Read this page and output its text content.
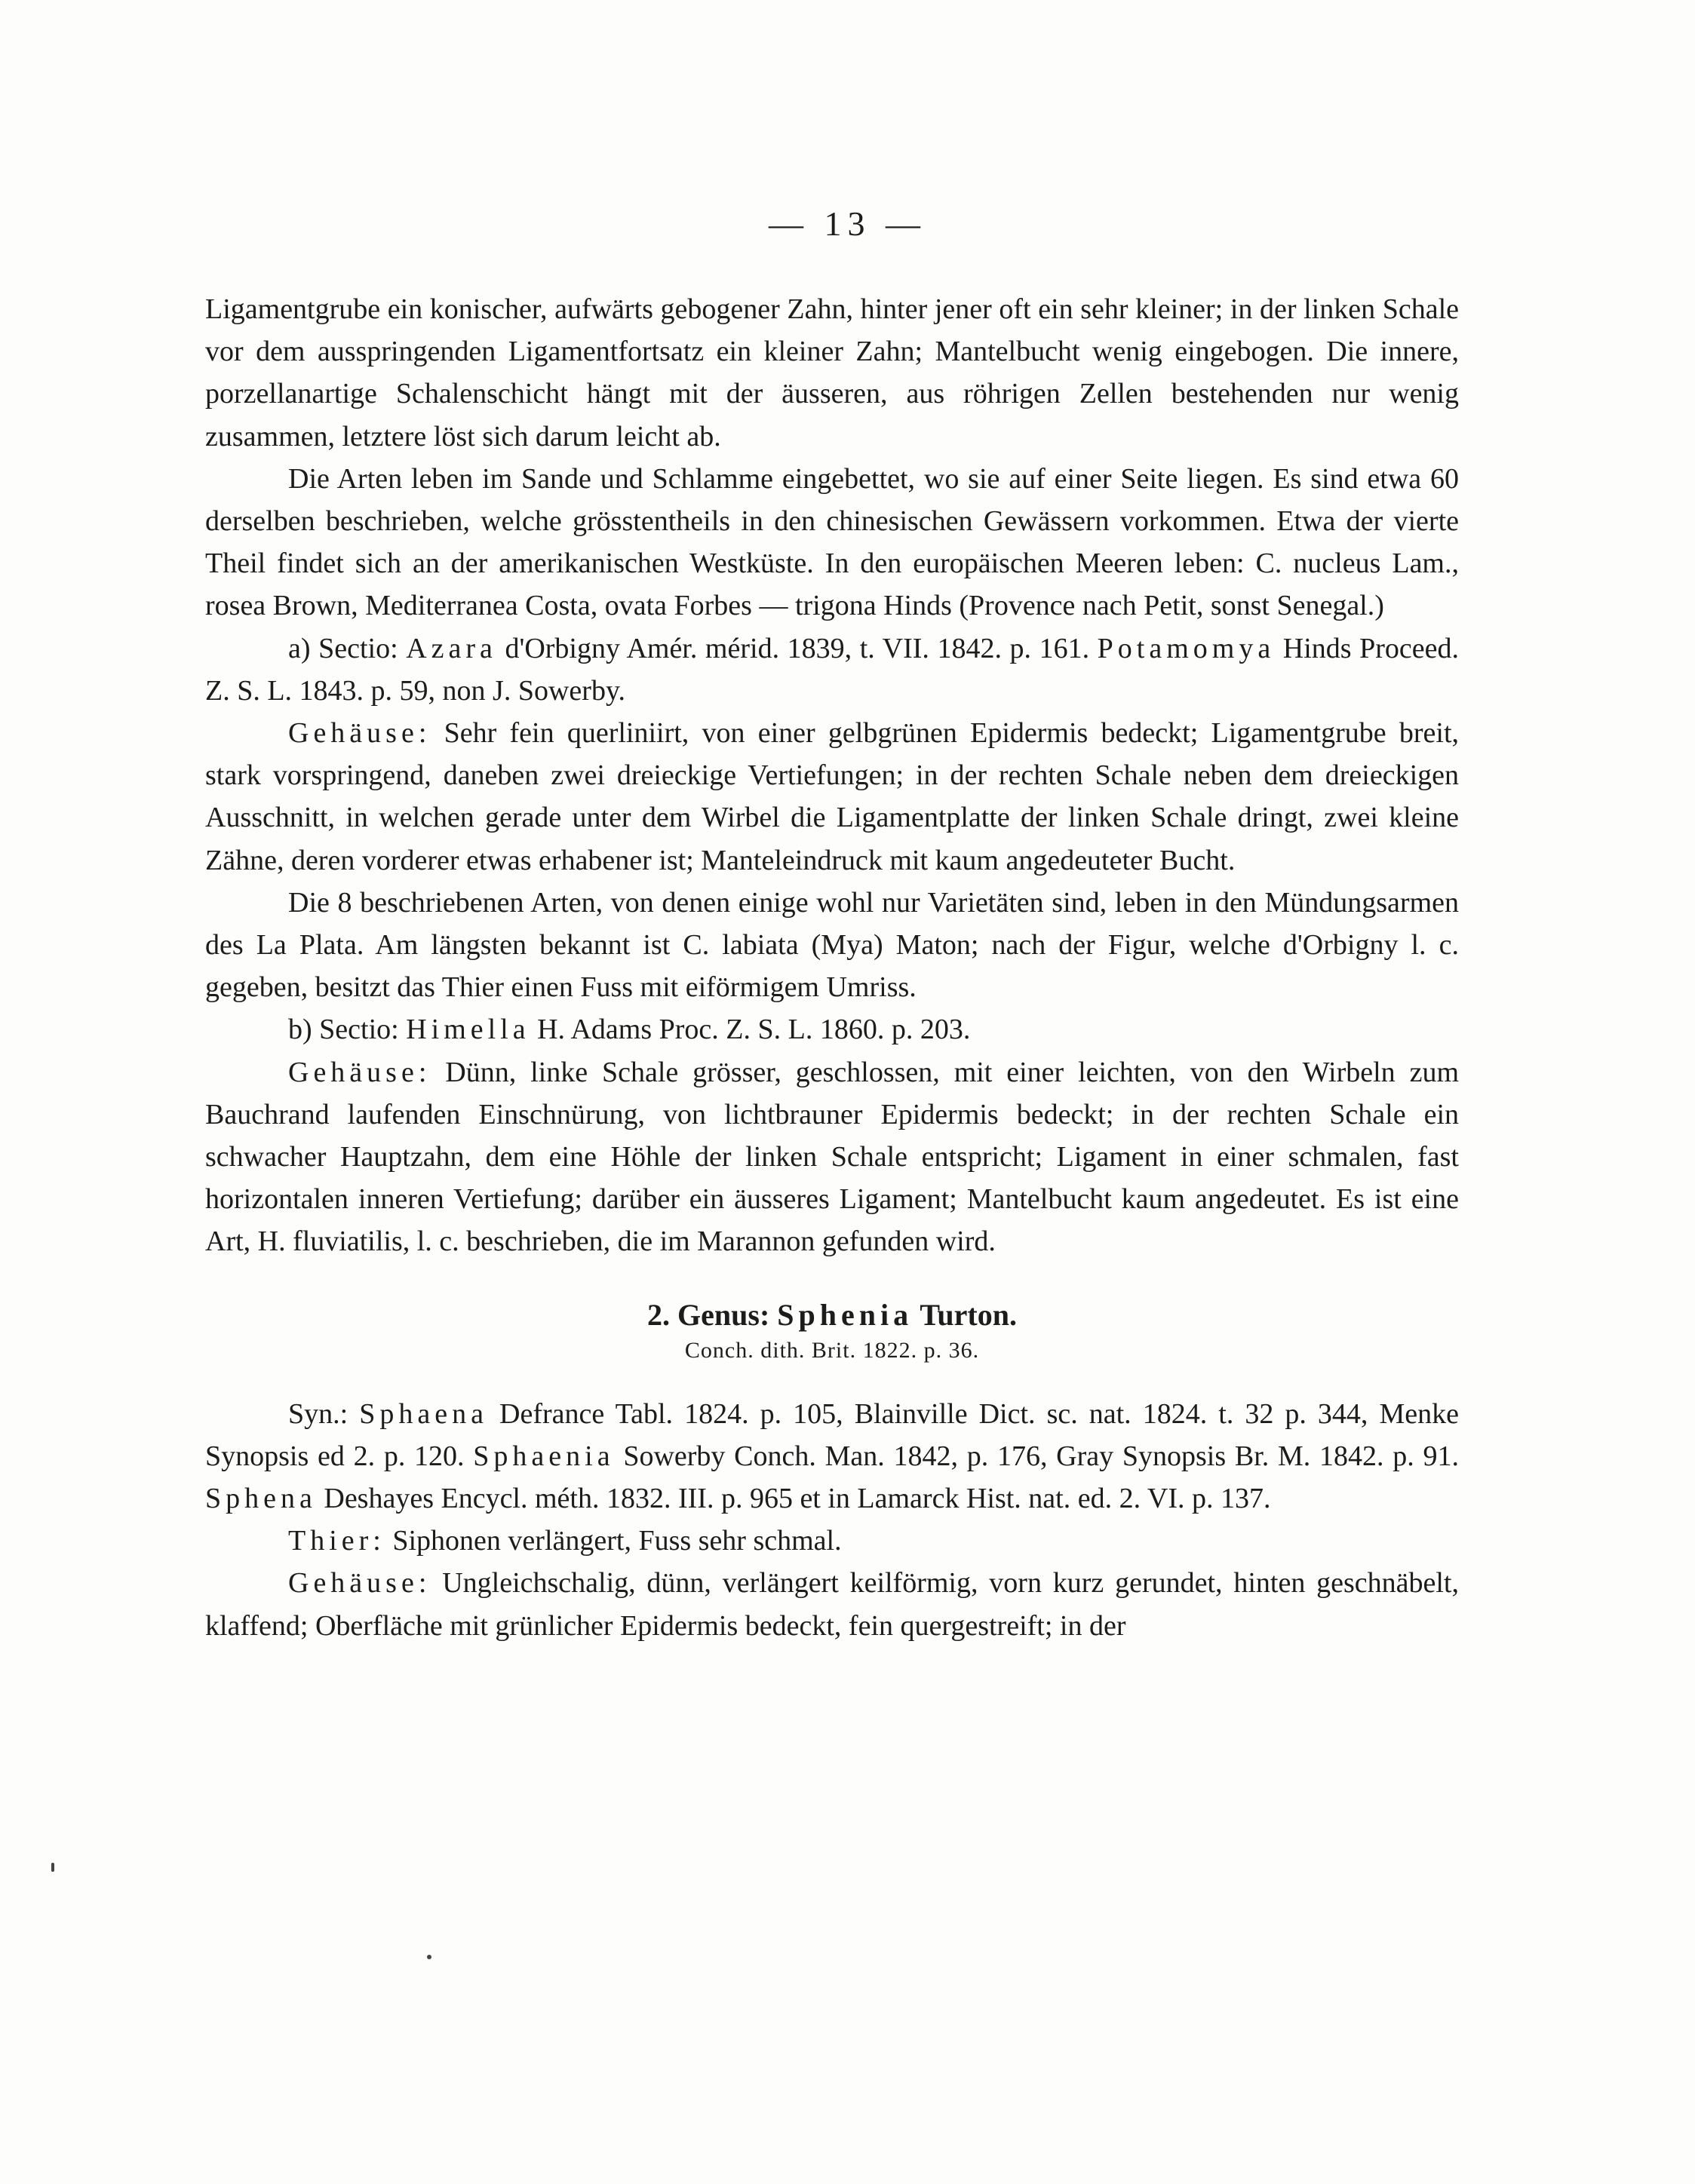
— 13 —

Ligamentgrube ein konischer, aufwärts gebogener Zahn, hinter jener oft ein sehr kleiner; in der linken Schale vor dem ausspringenden Ligamentfortsatz ein kleiner Zahn; Mantelbucht wenig eingebogen. Die innere, porzellanartige Schalenschicht hängt mit der äusseren, aus röhrigen Zellen bestehenden nur wenig zusammen, letztere löst sich darum leicht ab.

Die Arten leben im Sande und Schlamme eingebettet, wo sie auf einer Seite liegen. Es sind etwa 60 derselben beschrieben, welche grösstentheils in den chinesischen Gewässern vorkommen. Etwa der vierte Theil findet sich an der amerikanischen Westküste. In den europäischen Meeren leben: C. nucleus Lam., rosea Brown, Mediterranea Costa, ovata Forbes — trigona Hinds (Provence nach Petit, sonst Senegal.)

a) Sectio: Azara d'Orbigny Amér. mérid. 1839, t. VII. 1842. p. 161. Potamomya Hinds Proceed. Z. S. L. 1843. p. 59, non J. Sowerby.

Gehäuse: Sehr fein querliniirt, von einer gelbgrünen Epidermis bedeckt; Ligamentgrube breit, stark vorspringend, daneben zwei dreieckige Vertiefungen; in der rechten Schale neben dem dreieckigen Ausschnitt, in welchen gerade unter dem Wirbel die Ligamentplatte der linken Schale dringt, zwei kleine Zähne, deren vorderer etwas erhabener ist; Manteleindruck mit kaum angedeuteter Bucht.

Die 8 beschriebenen Arten, von denen einige wohl nur Varietäten sind, leben in den Mündungsarmen des La Plata. Am längsten bekannt ist C. labiata (Mya) Maton; nach der Figur, welche d'Orbigny l. c. gegeben, besitzt das Thier einen Fuss mit eiförmigem Umriss.

b) Sectio: Himella H. Adams Proc. Z. S. L. 1860. p. 203.

Gehäuse: Dünn, linke Schale grösser, geschlossen, mit einer leichten, von den Wirbeln zum Bauchrand laufenden Einschnürung, von lichtbrauner Epidermis bedeckt; in der rechten Schale ein schwacher Hauptzahn, dem eine Höhle der linken Schale entspricht; Ligament in einer schmalen, fast horizontalen inneren Vertiefung; darüber ein äusseres Ligament; Mantelbucht kaum angedeutet. Es ist eine Art, H. fluviatilis, l. c. beschrieben, die im Marannon gefunden wird.

2. Genus: Sphenia Turton.
Conch. dith. Brit. 1822. p. 36.

Syn.: Sphaena Defrance Tabl. 1824. p. 105, Blainville Dict. sc. nat. 1824. t. 32 p. 344, Menke Synopsis ed 2. p. 120. Sphaenia Sowerby Conch. Man. 1842, p. 176, Gray Synopsis Br. M. 1842. p. 91. Sphena Deshayes Encycl. méth. 1832. III. p. 965 et in Lamarck Hist. nat. ed. 2. VI. p. 137.

Thier: Siphonen verlängert, Fuss sehr schmal.

Gehäuse: Ungleichschalig, dünn, verlängert keilförmig, vorn kurz gerundet, hinten geschnäbelt, klaffend; Oberfläche mit grünlicher Epidermis bedeckt, fein quergestreift; in der
